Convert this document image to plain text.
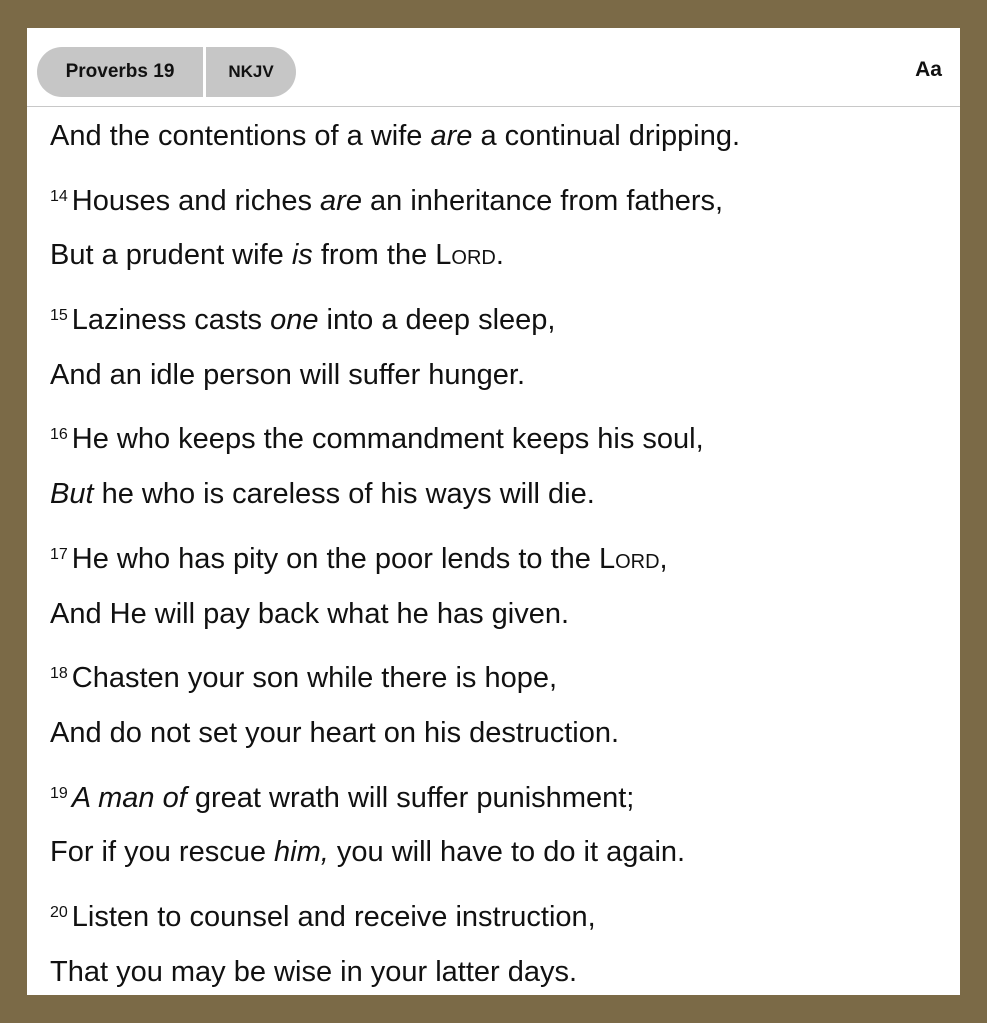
Proverbs 19	NKJV	Aa
And the contentions of a wife are a continual dripping.
$^{14}$ Houses and riches are an inheritance from fathers,
But a prudent wife is from the Lord.
$^{15}$ Laziness casts one into a deep sleep,
And an idle person will suffer hunger.
$^{16}$ He who keeps the commandment keeps his soul,
But he who is careless of his ways will die.
$^{17}$ He who has pity on the poor lends to the Lord,
And He will pay back what he has given.
$^{18}$ Chasten your son while there is hope,
And do not set your heart on his destruction.
$^{19}$ A man of great wrath will suffer punishment;
For if you rescue him, you will have to do it again.
$^{20}$ Listen to counsel and receive instruction,
That you may be wise in your latter days.
